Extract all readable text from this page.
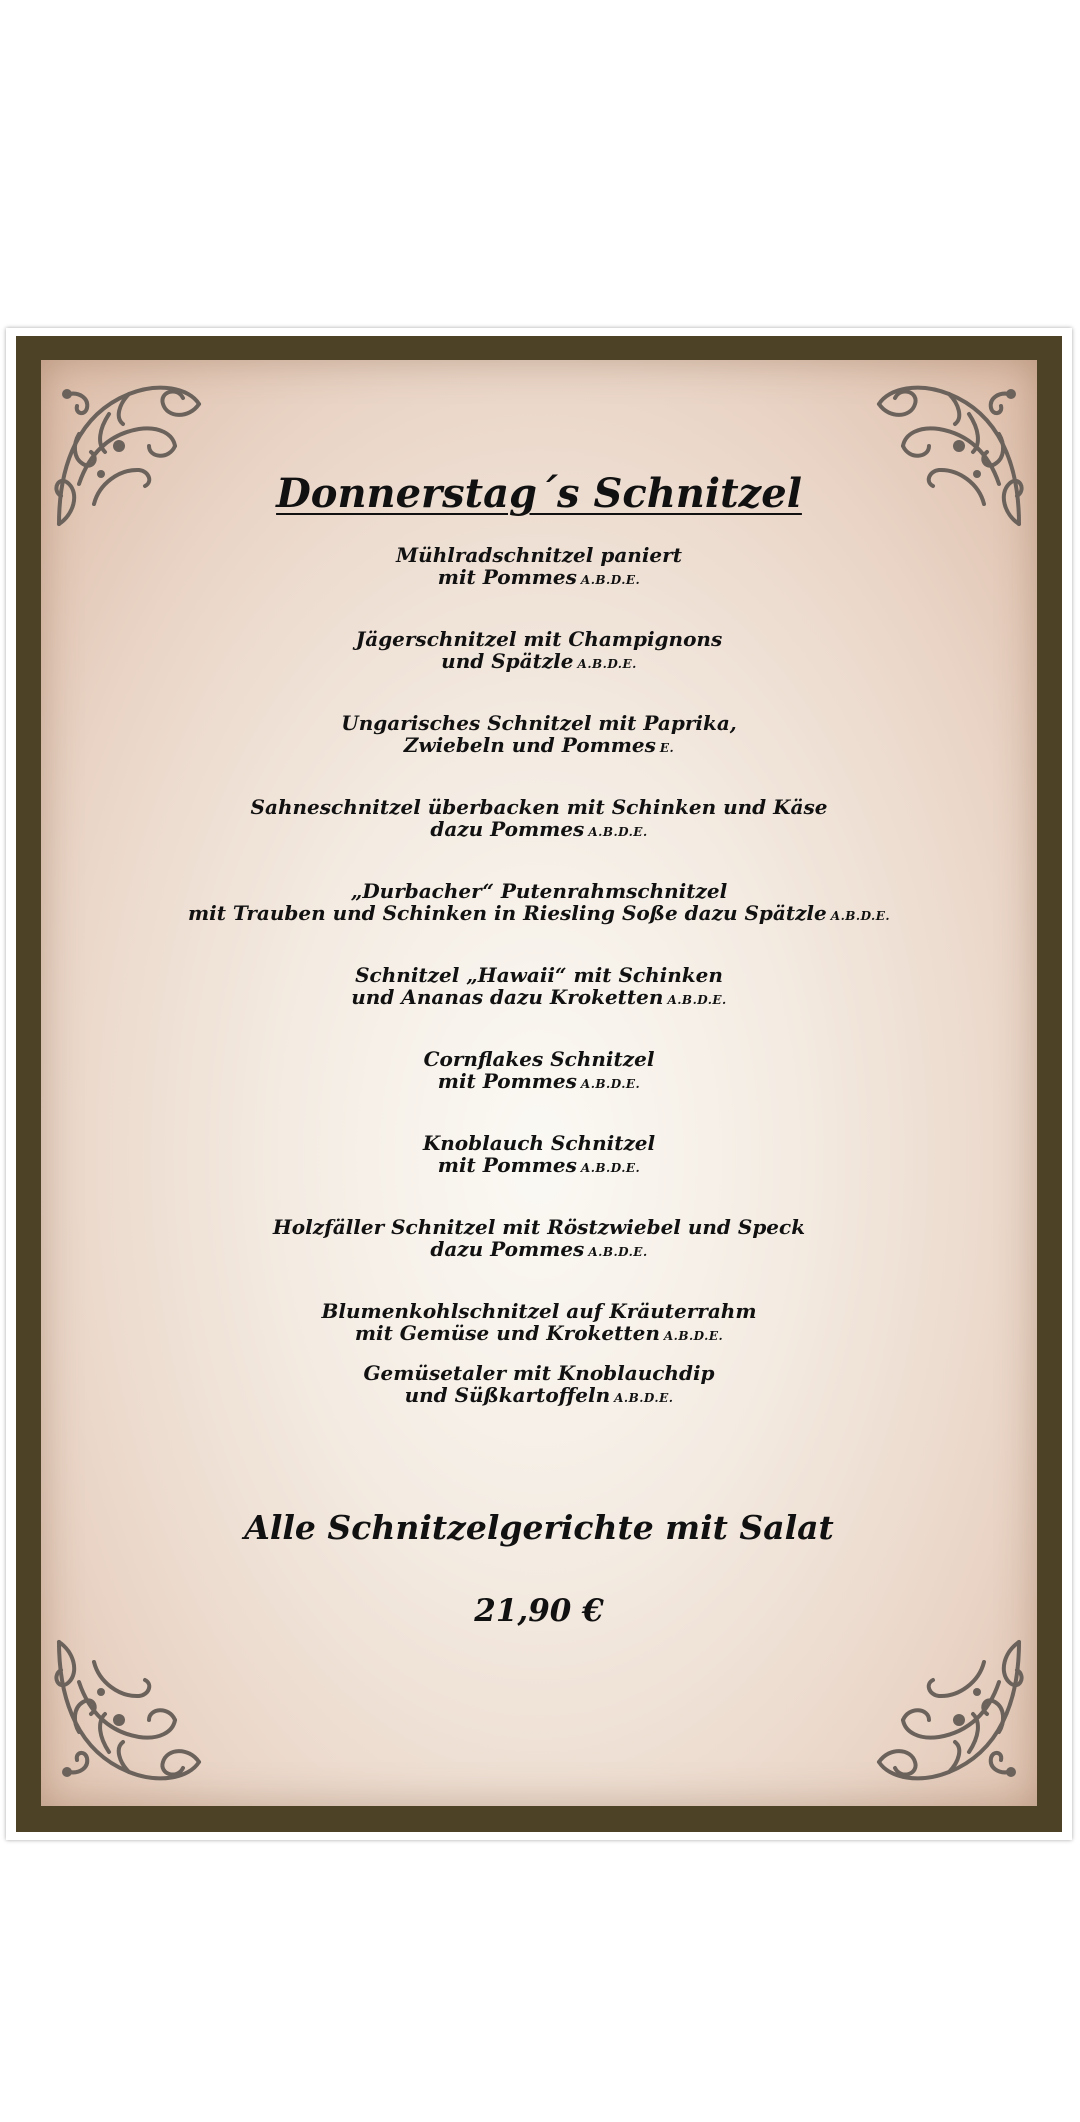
Donnerstag´s Schnitzel
Mühlradschnitzel paniert
mit Pommes A.B.D.E.
Jägerschnitzel mit Champignons
und Spätzle A.B.D.E.
Ungarisches Schnitzel mit Paprika,
Zwiebeln und Pommes E.
Sahneschnitzel überbacken mit Schinken und Käse
dazu Pommes A.B.D.E.
„Durbacher“ Putenrahmschnitzel
mit Trauben und Schinken in Riesling Soße dazu Spätzle A.B.D.E.
Schnitzel „Hawaii“ mit Schinken
und Ananas dazu Kroketten A.B.D.E.
Cornflakes Schnitzel
mit Pommes A.B.D.E.
Knoblauch Schnitzel
mit Pommes A.B.D.E.
Holzfäller Schnitzel mit Röstzwiebel und Speck
dazu Pommes A.B.D.E.
Blumenkohlschnitzel auf Kräuterrahm
mit Gemüse und Kroketten A.B.D.E.
Gemüsetaler mit Knoblauchdip
und Süßkartoffeln A.B.D.E.
Alle Schnitzelgerichte mit Salat
21,90 €
